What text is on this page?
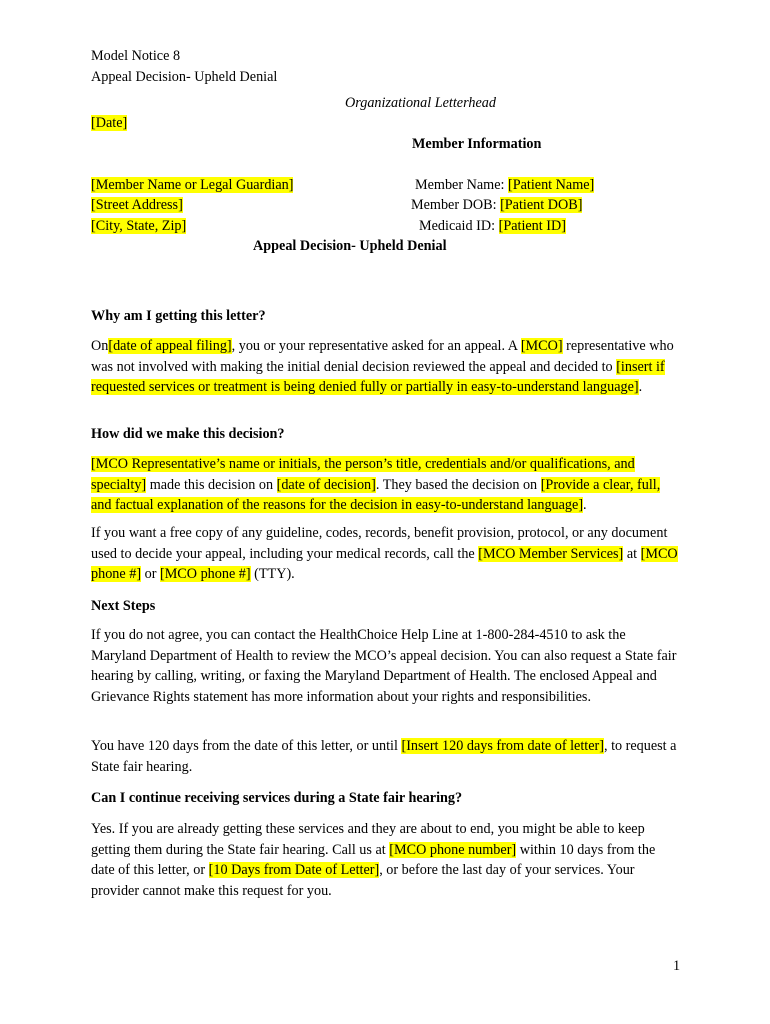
Model Notice 8
Appeal Decision- Upheld Denial
Organizational Letterhead
[Date]
Member Information
[Member Name or Legal Guardian]
[Street Address]
[City, State, Zip]
Member Name: [Patient Name]
Member DOB: [Patient DOB]
Medicaid ID: [Patient ID]
Appeal Decision- Upheld Denial
Why am I getting this letter?
On[date of appeal filing], you or your representative asked for an appeal. A [MCO] representative who was not involved with making the initial denial decision reviewed the appeal and decided to [insert if requested services or treatment is being denied fully or partially in easy-to-understand language].
How did we make this decision?
[MCO Representative’s name or initials, the person’s title, credentials and/or qualifications, and specialty] made this decision on [date of decision]. They based the decision on [Provide a clear, full, and factual explanation of the reasons for the decision in easy-to-understand language].
If you want a free copy of any guideline, codes, records, benefit provision, protocol, or any document used to decide your appeal, including your medical records, call the [MCO Member Services] at [MCO phone #] or [MCO phone #] (TTY).
Next Steps
If you do not agree, you can contact the HealthChoice Help Line at 1-800-284-4510 to ask the Maryland Department of Health to review the MCO’s appeal decision. You can also request a State fair hearing by calling, writing, or faxing the Maryland Department of Health. The enclosed Appeal and Grievance Rights statement has more information about your rights and responsibilities.
You have 120 days from the date of this letter, or until [Insert 120 days from date of letter], to request a State fair hearing.
Can I continue receiving services during a State fair hearing?
Yes. If you are already getting these services and they are about to end, you might be able to keep getting them during the State fair hearing. Call us at [MCO phone number] within 10 days from the date of this letter, or [10 Days from Date of Letter], or before the last day of your services. Your provider cannot make this request for you.
1
